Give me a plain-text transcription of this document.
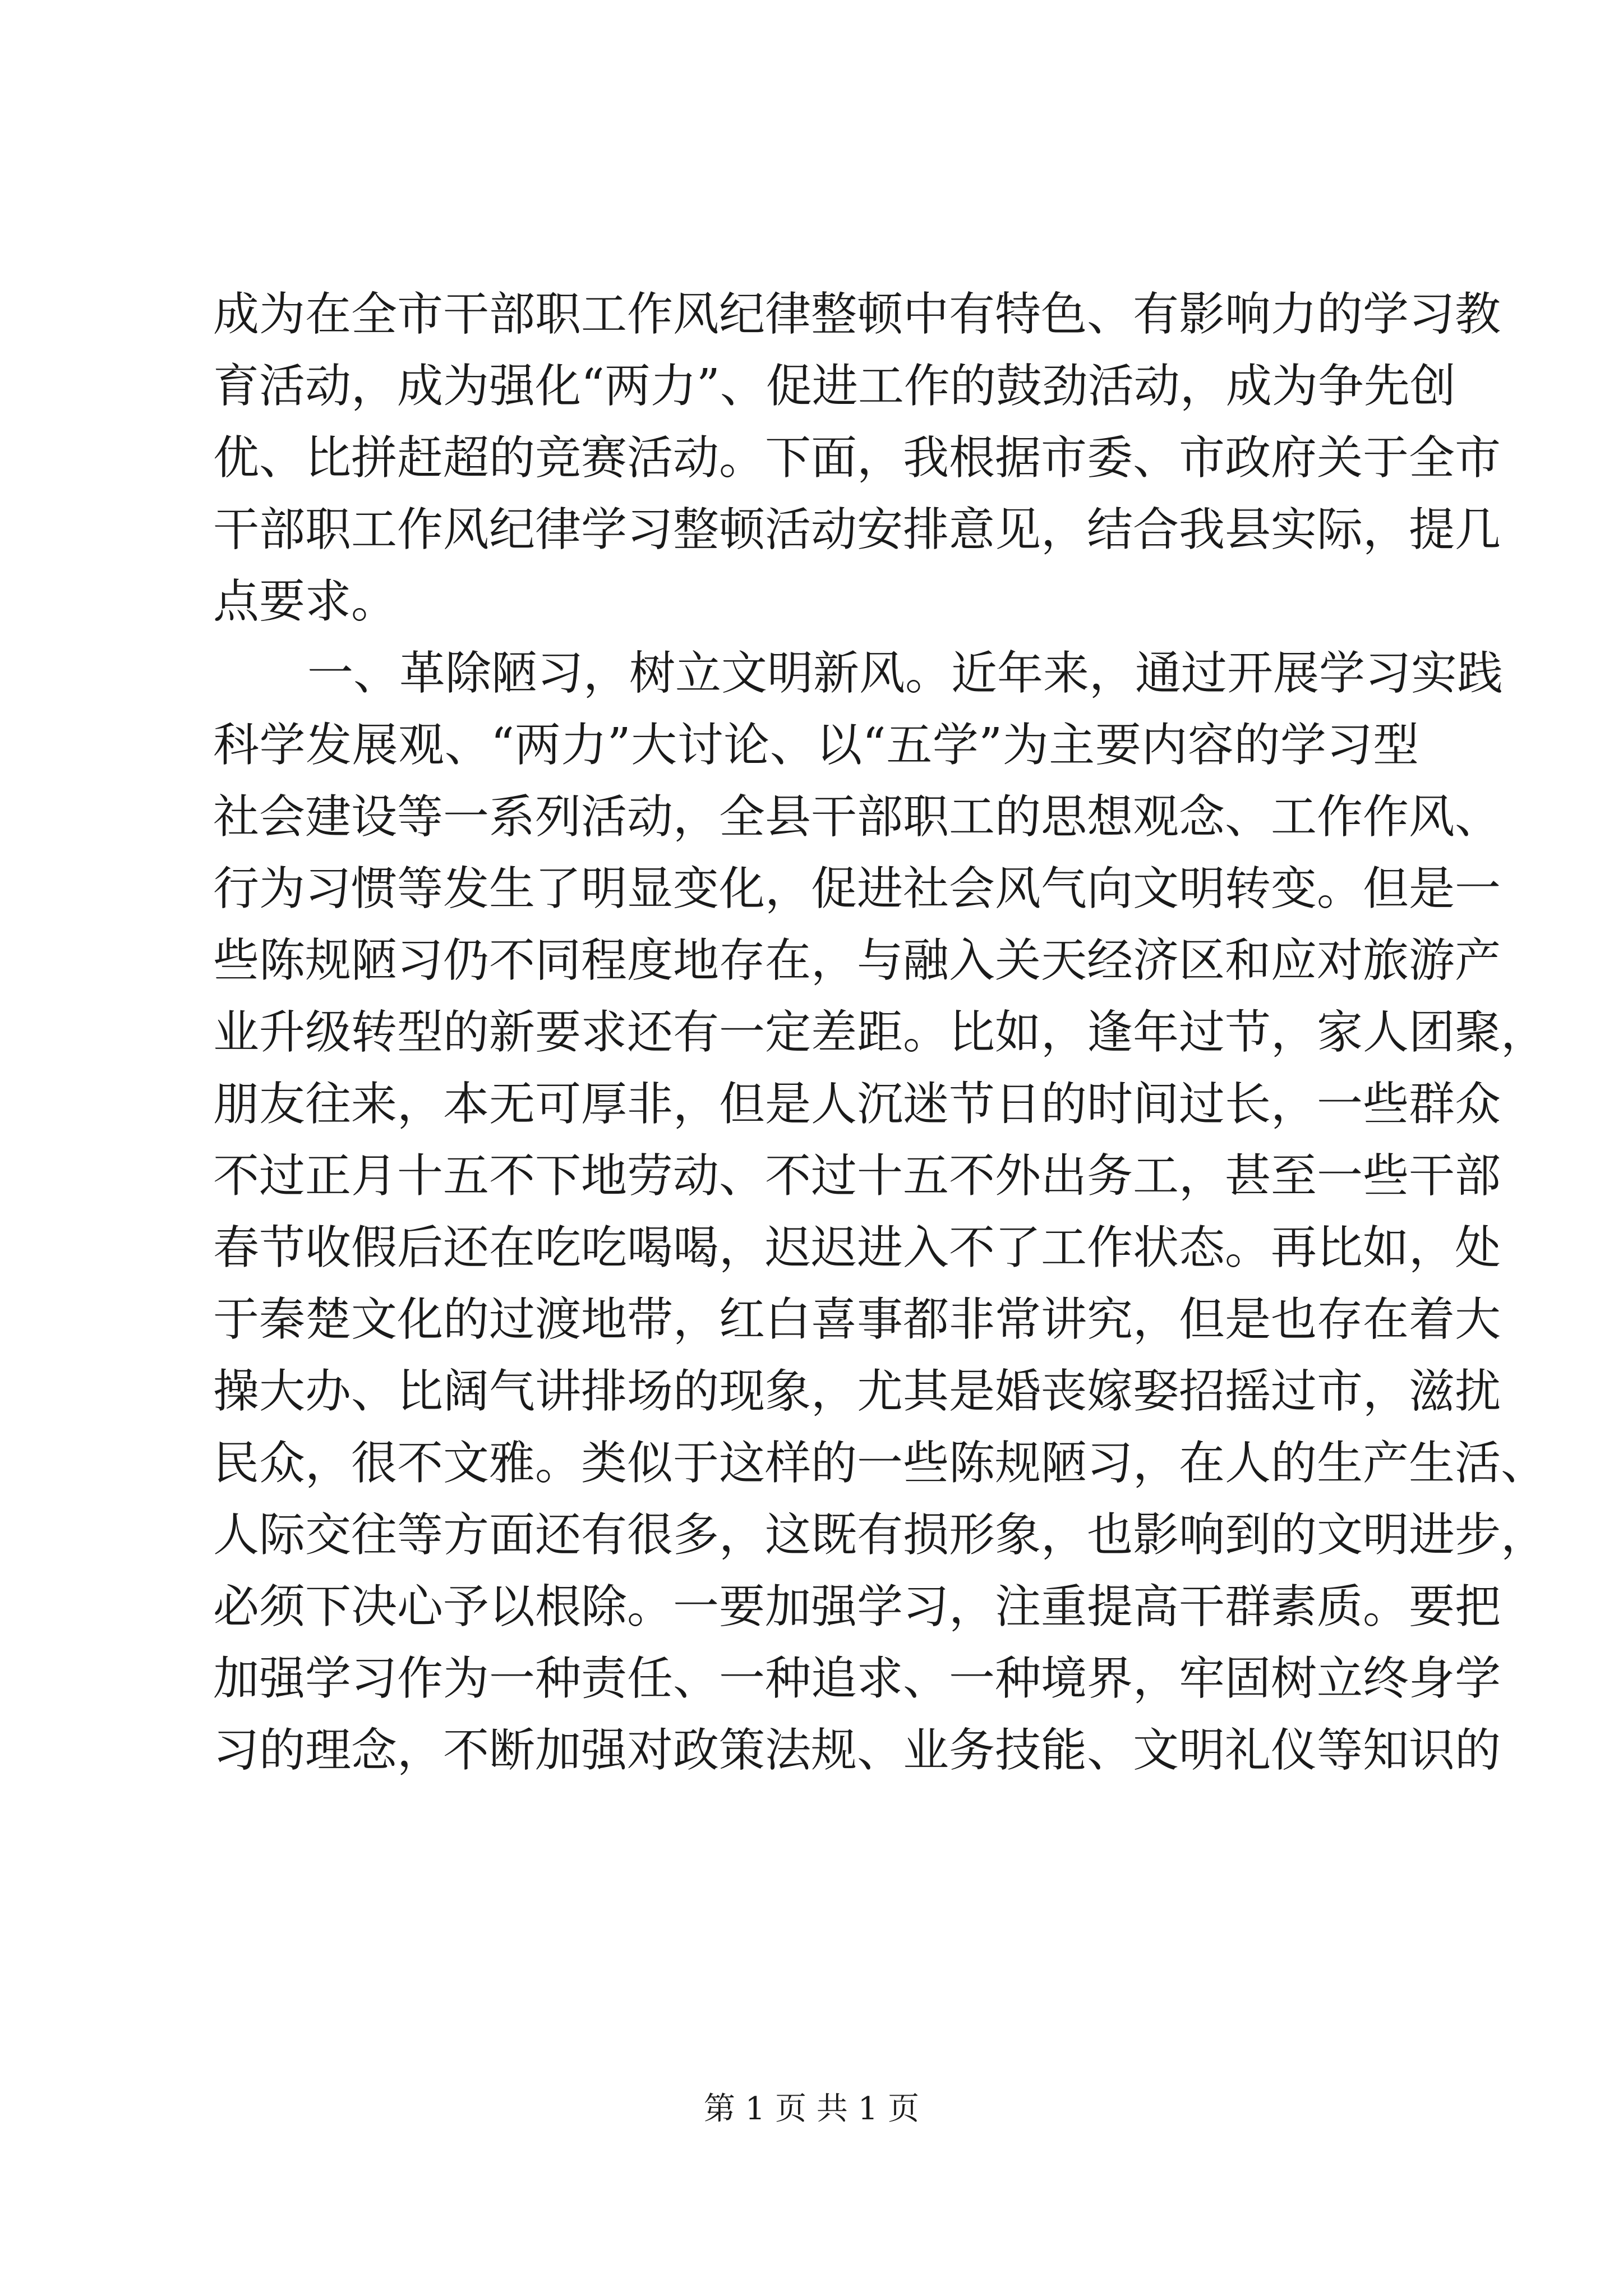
成为在全市干部职工作风纪律整顿中有特色、有影响力的学习教
育活动，成为强化“两力”、促进工作的鼓劲活动，成为争先创
优、比拼赶超的竞赛活动。下面，我根据市委、市政府关于全市
干部职工作风纪律学习整顿活动安排意见，结合我县实际，提几
点要求。
一、革除陋习，树立文明新风。近年来，通过开展学习实践
科学发展观、“两力”大讨论、以“五学”为主要内容的学习型
社会建设等一系列活动，全县干部职工的思想观念、工作作风、
行为习惯等发生了明显变化，促进社会风气向文明转变。但是一
些陈规陋习仍不同程度地存在，与融入关天经济区和应对旅游产
业升级转型的新要求还有一定差距。比如，逢年过节，家人团聚，
朋友往来，本无可厚非，但是人沉迷节日的时间过长，一些群众
不过正月十五不下地劳动、不过十五不外出务工，甚至一些干部
春节收假后还在吃吃喝喝，迟迟进入不了工作状态。再比如，处
于秦楚文化的过渡地带，红白喜事都非常讲究，但是也存在着大
操大办、比阔气讲排场的现象，尤其是婚丧嫁娶招摇过市，滋扰
民众，很不文雅。类似于这样的一些陈规陋习，在人的生产生活、
人际交往等方面还有很多，这既有损形象，也影响到的文明进步，
必须下决心予以根除。一要加强学习，注重提高干群素质。要把
加强学习作为一种责任、一种追求、一种境界，牢固树立终身学
习的理念，不断加强对政策法规、业务技能、文明礼仪等知识的
第 1 页 共 1 页
